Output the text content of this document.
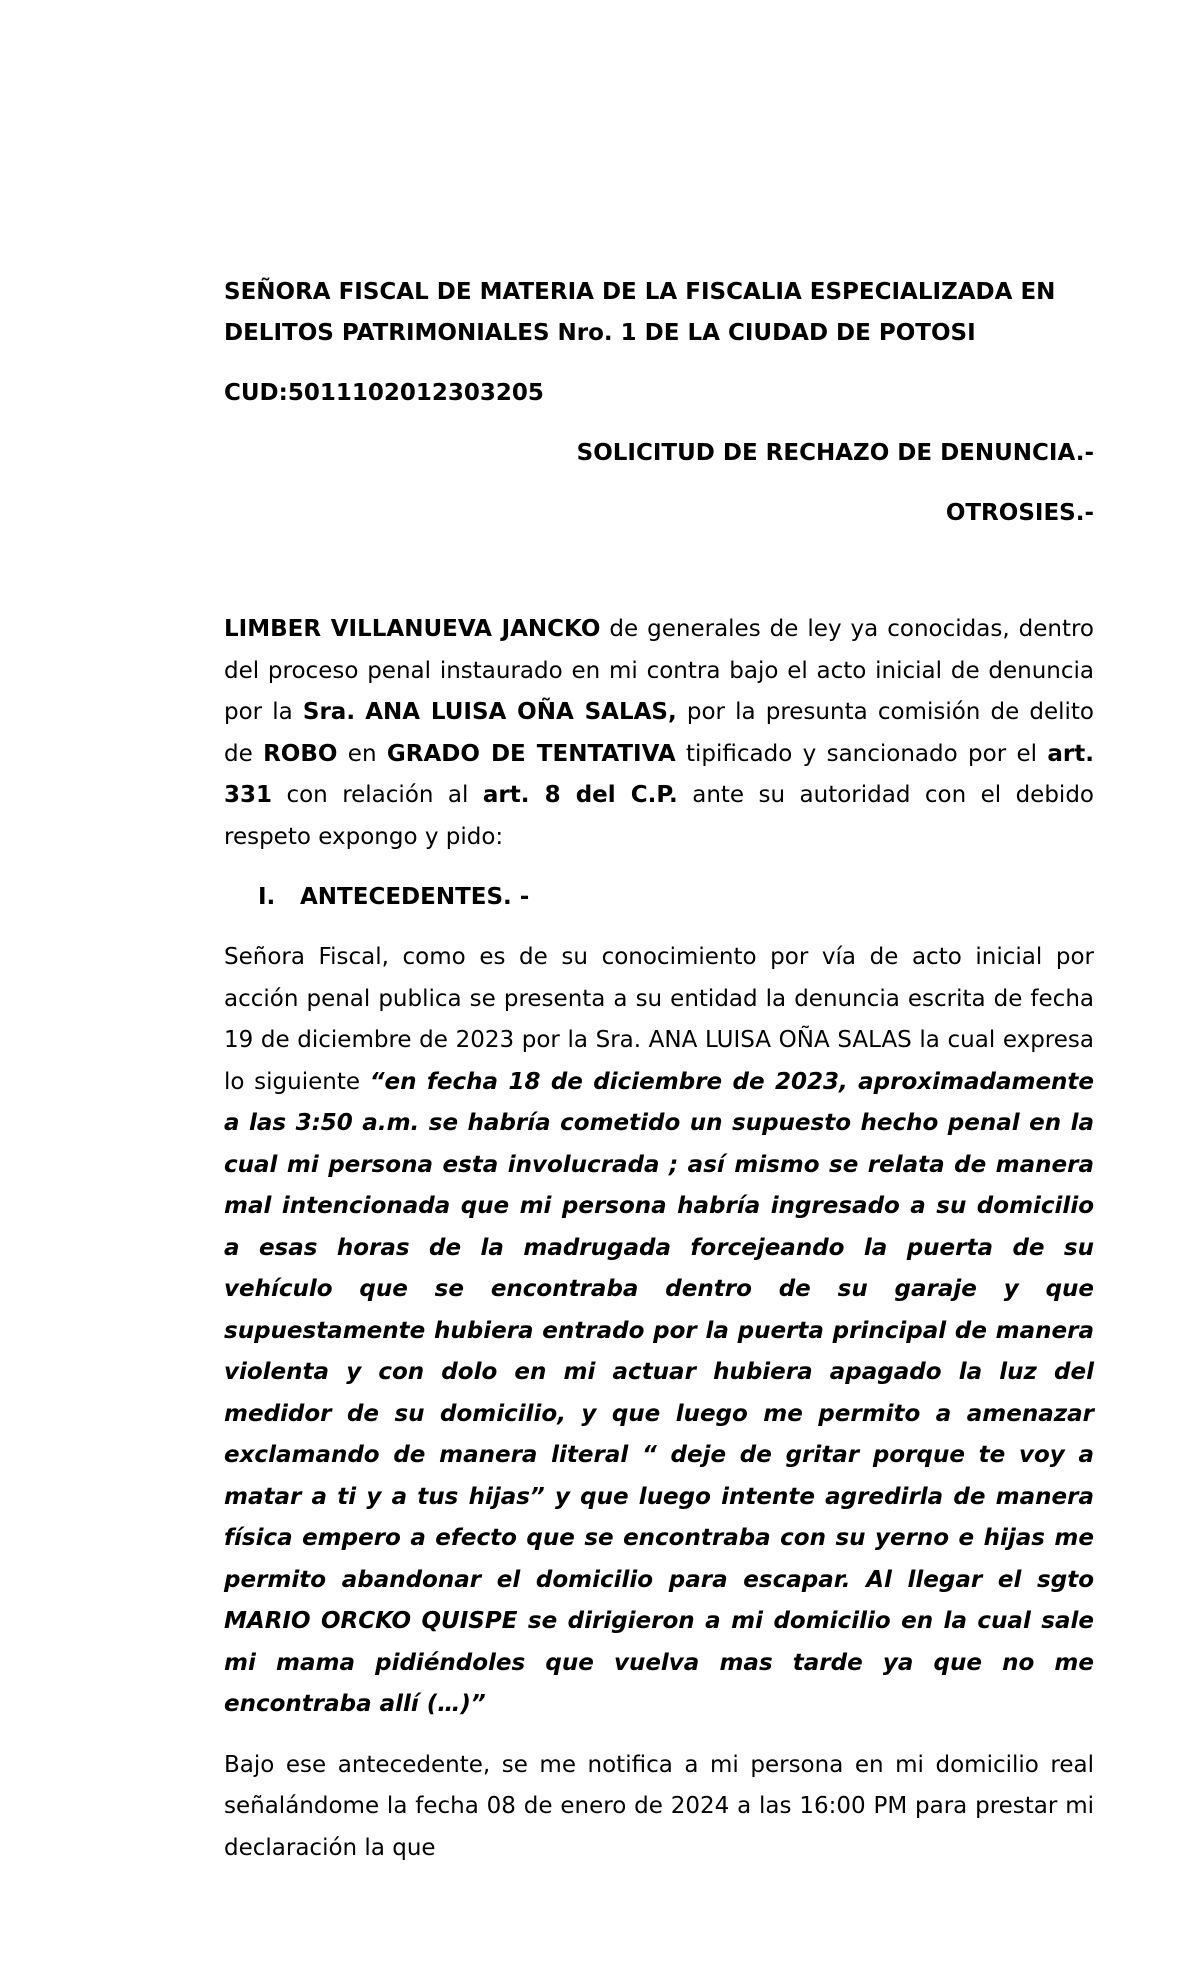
SEÑORA FISCAL DE MATERIA DE LA FISCALIA ESPECIALIZADA EN
DELITOS PATRIMONIALES Nro. 1 DE LA CIUDAD DE POTOSI

CUD:5011102012303205

SOLICITUD DE RECHAZO DE DENUNCIA.-

OTROSIES.-

LIMBER VILLANUEVA JANCKO de generales de ley ya conocidas, dentro del proceso penal instaurado en mi contra bajo el acto inicial de denuncia por la Sra. ANA LUISA OÑA SALAS, por la presunta comisión de delito de ROBO en GRADO DE TENTATIVA tipificado y sancionado por el art. 331 con relación al art. 8 del C.P. ante su autoridad con el debido respeto expongo y pido:

I.	ANTECEDENTES. -

Señora Fiscal, como es de su conocimiento por vía de acto inicial por acción penal publica se presenta a su entidad la denuncia escrita de fecha 19 de diciembre de 2023 por la Sra. ANA LUISA OÑA SALAS la cual expresa lo siguiente “en fecha 18 de diciembre de 2023, aproximadamente a las 3:50 a.m. se habría cometido un supuesto hecho penal en la cual mi persona esta involucrada ; así mismo se relata de manera mal intencionada que mi persona habría ingresado a su domicilio a esas horas de la madrugada forcejeando la puerta de su vehículo que se encontraba dentro de su garaje y que supuestamente hubiera entrado por la puerta principal de manera violenta y con dolo en mi actuar hubiera apagado la luz del medidor de su domicilio, y que luego me permito a amenazar exclamando de manera literal “ deje de gritar porque te voy a matar a ti y a tus hijas” y que luego intente agredirla de manera física empero a efecto que se encontraba con su yerno e hijas me permito abandonar el domicilio para escapar. Al llegar el sgto MARIO ORCKO QUISPE se dirigieron a mi domicilio en la cual sale mi mama pidiéndoles que vuelva mas tarde ya que no me encontraba allí (…)”

Bajo ese antecedente, se me notifica a mi persona en mi domicilio real señalándome la fecha 08 de enero de 2024 a las 16:00 PM para prestar mi declaración la que
